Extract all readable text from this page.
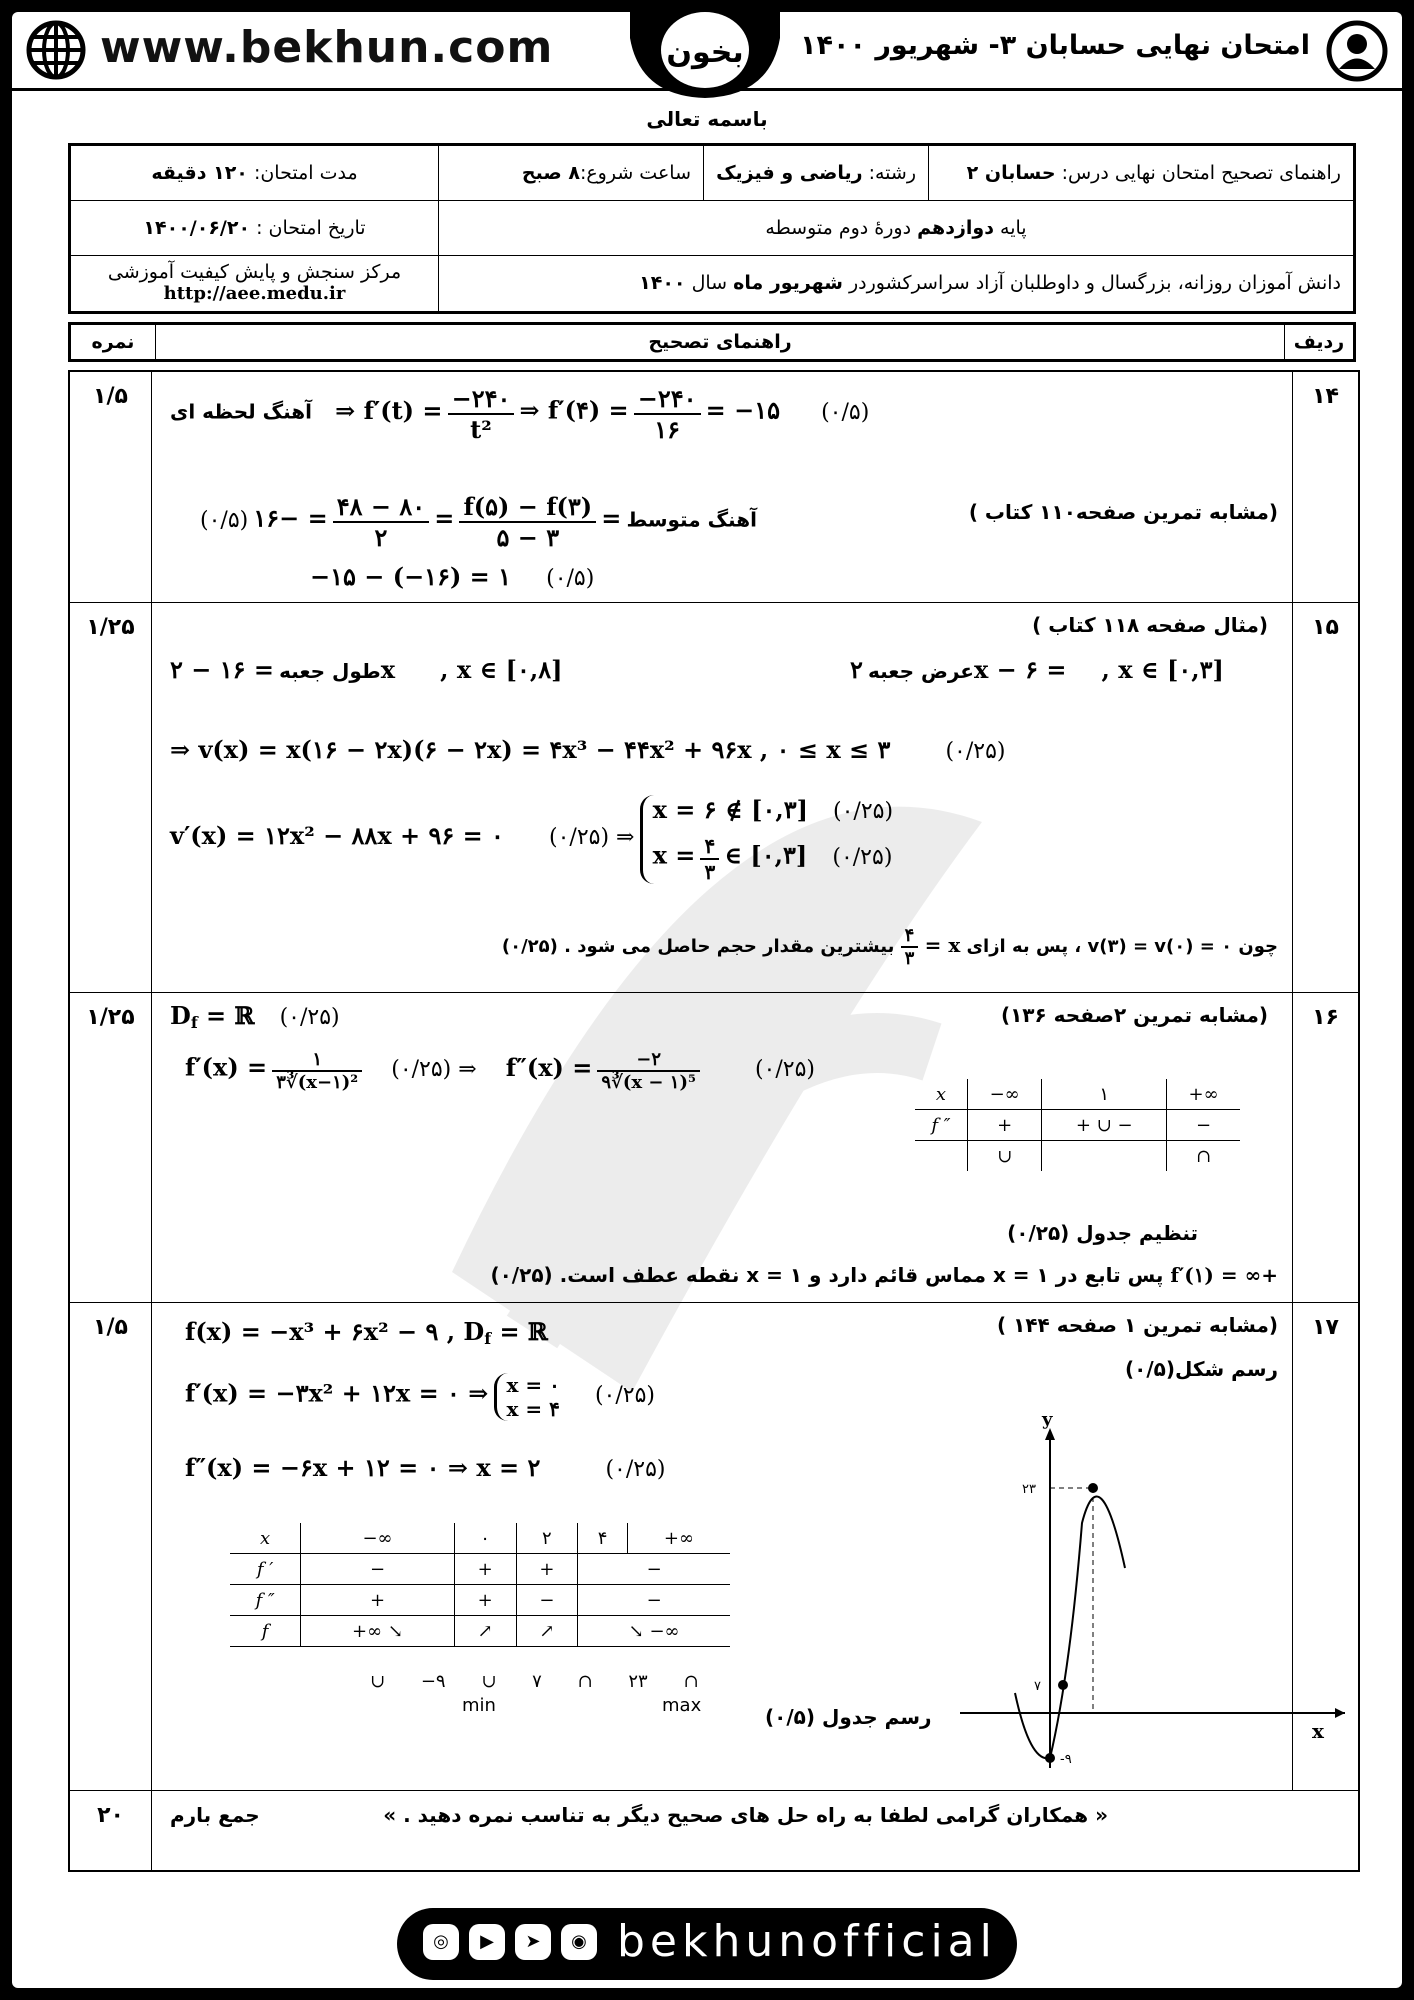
www.bekhun.com	بخون امتحان نهایی حسابان ۳- شهریور ۱۴۰۰
باسمه تعالی
راهنمای تصحیح امتحان نهایی درس: حسابان ۲	رشته: ریاضی و فیزیک	ساعت شروع:۸ صبح	مدت امتحان: ۱۲۰ دقیقه
پایه دوازدهم دورۀ دوم متوسطه			تاریخ امتحان : ۱۴۰۰/۰۶/۲۰
دانش آموزان روزانه، بزرگسال و داوطلبان آزاد سراسرکشوردر شهریور ماه سال ۱۴۰۰			مرکز سنجش و پایش کیفیت آموزشی
http://aee.medu.ir
ردیف	راهنمای تصحیح	نمره
۱۴
۱/۵
آهنگ لحظه ای ⇒ $f'(t) = \frac{-۲۴۰}{\text{t²}}$ ⇒ f′(۴) = $\frac{-۲۴۰}{۱۶}$ = −۱۵ (۰/۵)
(مشابه تمرین صفحه۱۱۰ کتاب )
آهنگ متوسط =
$\frac{f(۵) - f(۳)}{۵ - ۳}$
=
$\frac{۴۸ - ۸۰}{۲}$
= −۱۶ (۰/۵)
−۱۵ − (−۱۶) = ۱ (۰/۵)
۱۵
۱/۲۵	(مثال صفحه ۱۱۸ کتاب )
طول جعبه = ۱۶ − ۲x , x ∈ [۰,۸]	عرض جعبه ۲x − ۶ = , x ∈ [۰,۳]
⇒ v(x) = x(۱۶ − ۲x)(۶ − ۲x) = ۴x³ − ۴۴x² + ۹۶x , ۰ ≤ x ≤ ۳	(۰/۲۵)
v′(x) = ۱۲x² − ۸۸x + ۹۶ = ۰ (۰/۲۵) ⇒
x = ۶ ∉ [۰,۳] (۰/۲۵)
$x = \frac{۴}{۳}$ ∈ [۰,۳] (۰/۲۵)
چون ۰ = v(۳) = v(۰) ، پس به ازای x =
$\frac{۴}{۳}$
بیشترین مقدار حجم حاصل می شود . (۰/۲۵)
۱۶
۱/۲۵	(مشابه تمرین ۲صفحه ۱۳۶)
$D_f$ = ℝ (۰/۲۵)
$f'(x) = \frac{۱}{\text{۳∛(x−۱)²}}$ (۰/۲۵) ⇒ $f''(x) = \frac{-۲}{\text{۹∛(x − ۱)⁵}}$	(۰/۲۵)
x	−∞	۱	+∞
f ″	+	+ ∪ −	−
	∪		∩
تنظیم جدول (۰/۲۵)
+∞ = f′(۱) پس تابع در x = ۱ مماس قائم دارد و x = ۱ نقطه عطف است. (۰/۲۵)
۱۷
۱/۵	(مشابه تمرین ۱ صفحه ۱۴۴ )
رسم شکل(۰/۵)
f(x) = −x³ + ۶x² − ۹ , $D_f$ = ℝ
f′(x) = −۳x² + ۱۲x = ۰ ⇒ x = ۰
x = ۴
(۰/۲۵)
f″(x) = −۶x + ۱۲ = ۰ ⇒ x = ۲	(۰/۲۵)
x	−∞	۰	۲	۴	+∞
f ′	−	+	+	−	
f ″	+	+	−	−	
f	+∞ ↘	↗	↗	↘ −∞	
∪ −۹ ∪ ۷ ∩ ۲۳ ∩
min	max	رسم جدول (۰/۵)
y
x
۲۳
۷
-۹
۲۰	جمع بارم	« همکاران گرامی لطفا به راه حل های صحیح دیگر به تناسب نمره دهید . »
◎	▶	➤	◉ bekhunofficial
